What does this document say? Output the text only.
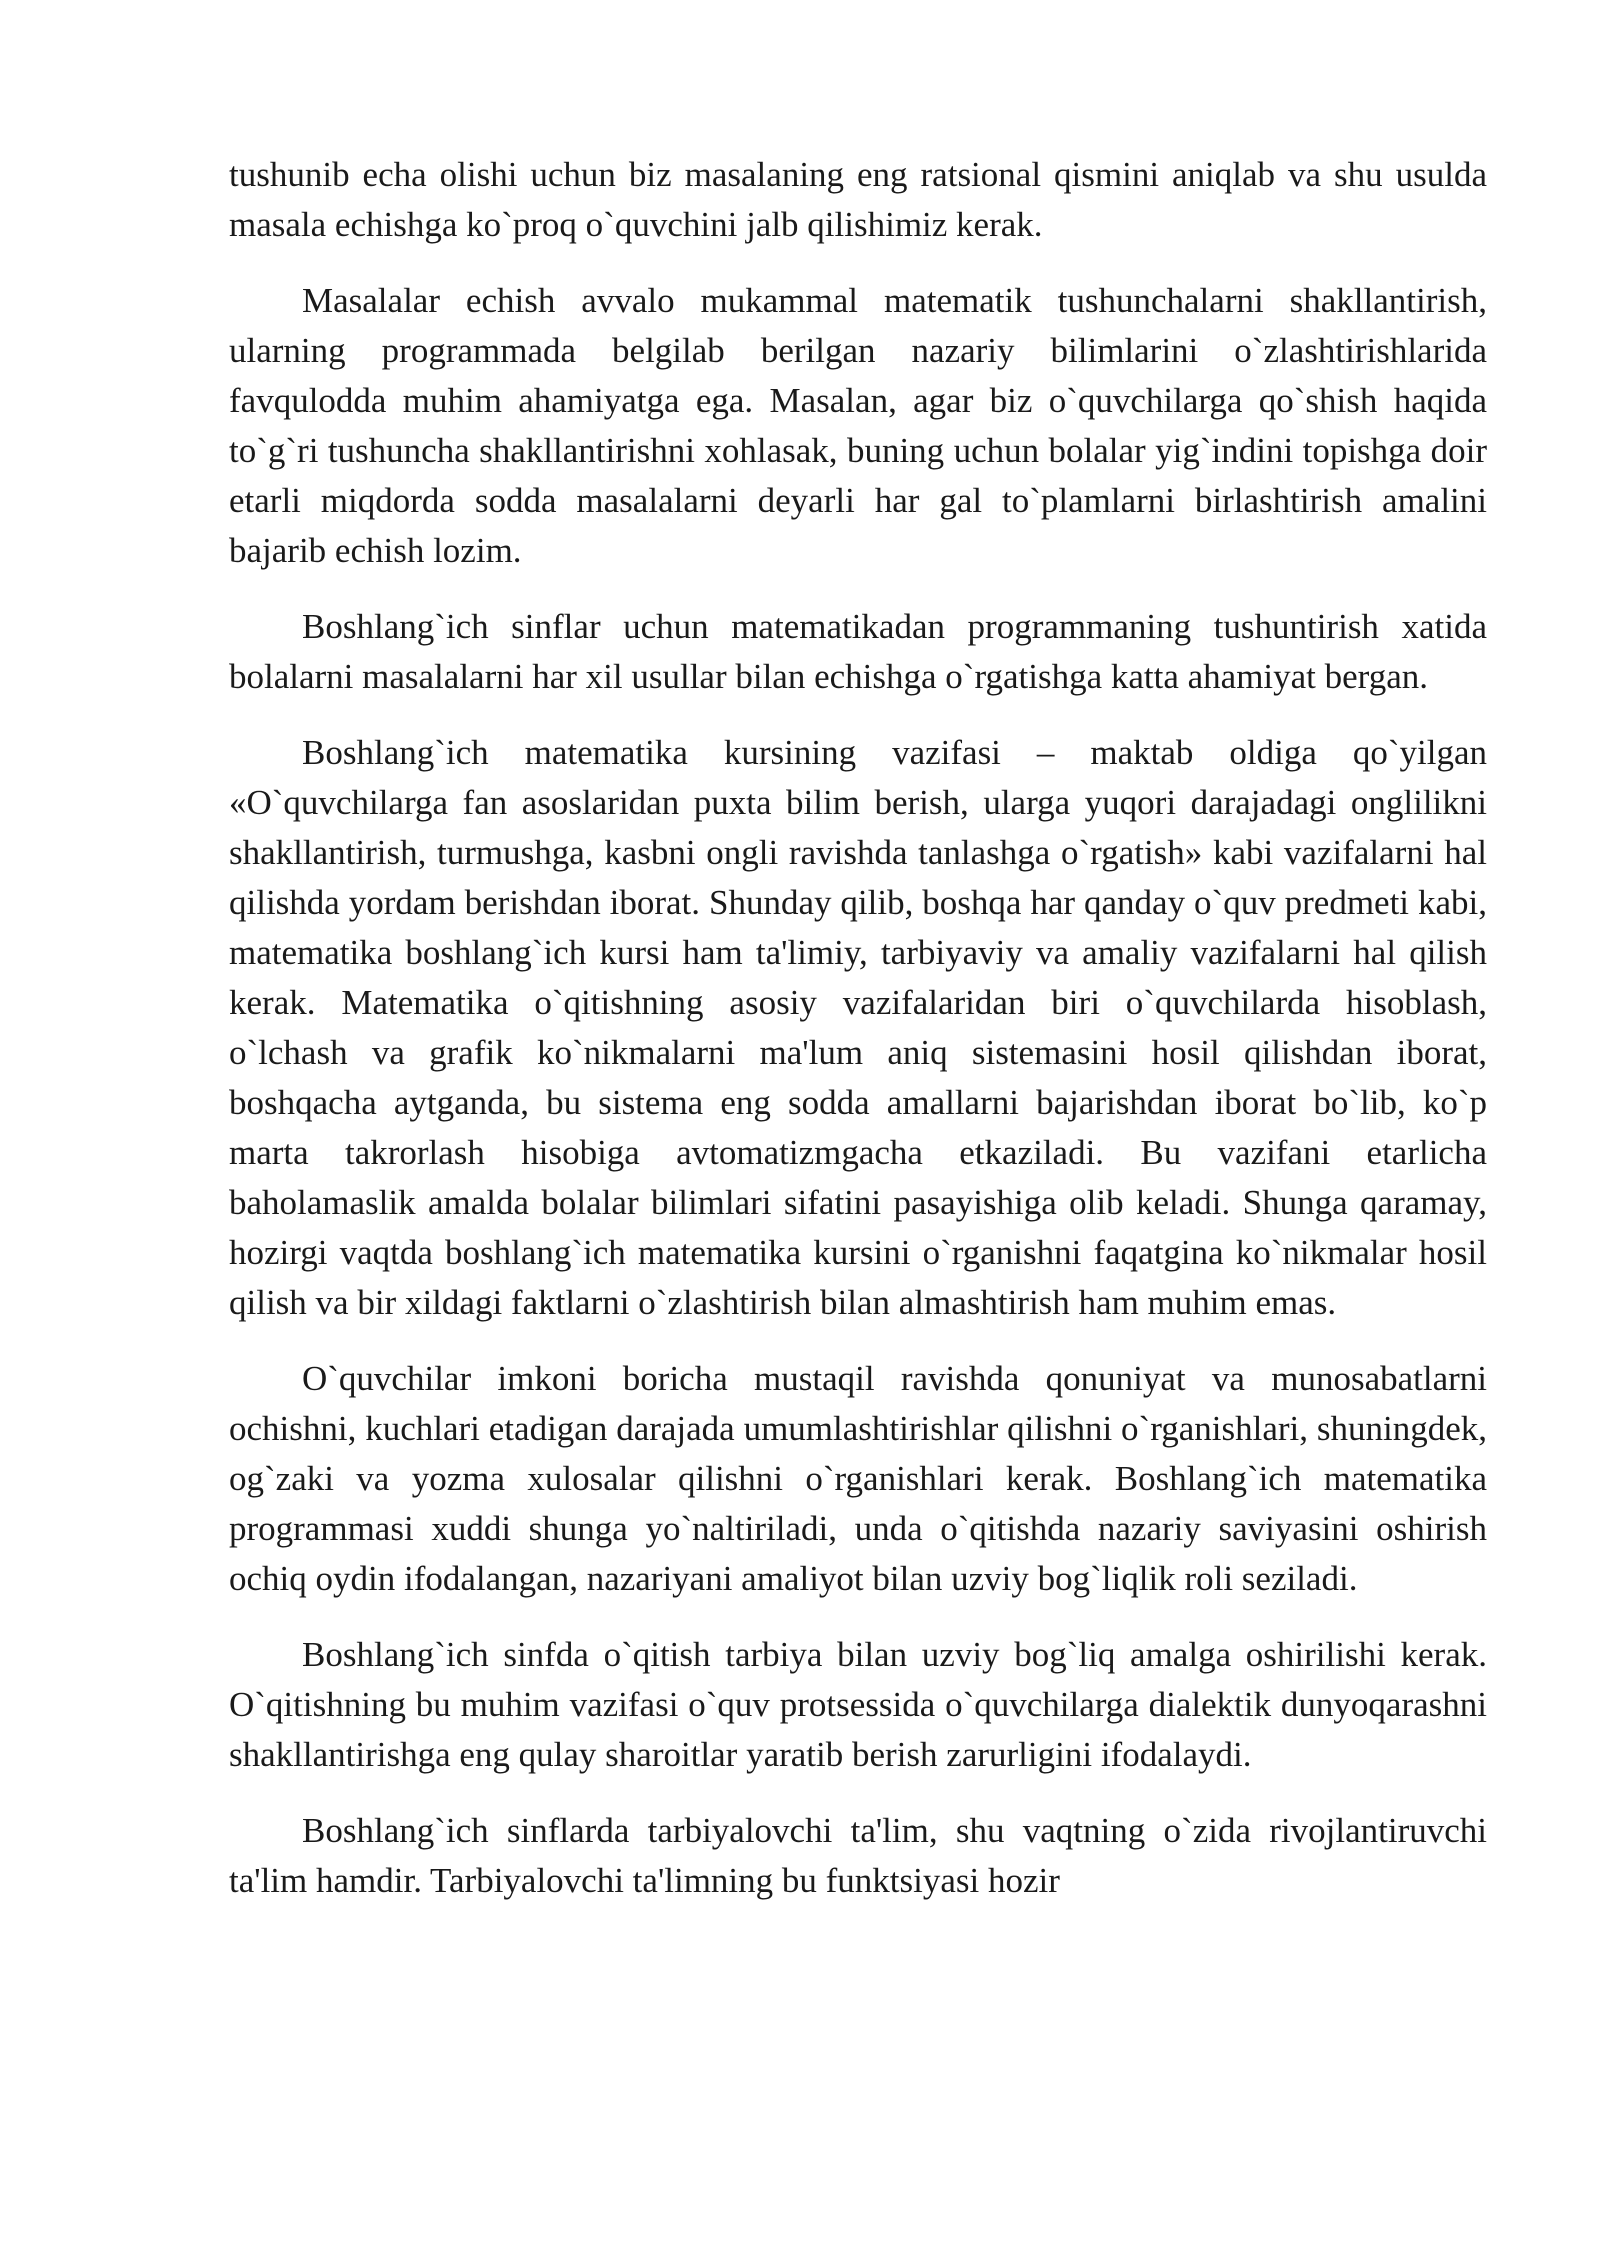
tushunib echa olishi uchun biz masalaning eng ratsional qismini aniqlab va shu usulda masala echishga ko`proq o`quvchini jalb qilishimiz kerak.

Masalalar echish avvalo mukammal matematik tushunchalarni shakllantirish, ularning programmada belgilab berilgan nazariy bilimlarini o`zlashtirishlarida favqulodda muhim ahamiyatga ega. Masalan, agar biz o`quvchilarga qo`shish haqida to`g`ri tushuncha shakllantirishni xohlasak, buning uchun bolalar yig`indini topishga doir etarli miqdorda sodda masalalarni deyarli har gal to`plamlarni birlashtirish amalini bajarib echish lozim.

Boshlang`ich sinflar uchun matematikadan programmaning tushuntirish xatida bolalarni masalalarni har xil usullar bilan echishga o`rgatishga katta ahamiyat bergan.

Boshlang`ich matematika kursining vazifasi – maktab oldiga qo`yilgan «O`quvchilarga fan asoslaridan puxta bilim berish, ularga yuqori darajadagi onglilikni shakllantirish, turmushga, kasbni ongli ravishda tanlashga o`rgatish» kabi vazifalarni hal qilishda yordam berishdan iborat. Shunday qilib, boshqa har qanday o`quv predmeti kabi, matematika boshlang`ich kursi ham ta'limiy, tarbiyaviy va amaliy vazifalarni hal qilish kerak. Matematika o`qitishning asosiy vazifalaridan biri o`quvchilarda hisoblash, o`lchash va grafik ko`nikmalarni ma'lum aniq sistemasini hosil qilishdan iborat, boshqacha aytganda, bu sistema eng sodda amallarni bajarishdan iborat bo`lib, ko`p marta takrorlash hisobiga avtomatizmgacha etkaziladi. Bu vazifani etarlicha baholamaslik amalda bolalar bilimlari sifatini pasayishiga olib keladi. Shunga qaramay, hozirgi vaqtda boshlang`ich matematika kursini o`rganishni faqatgina ko`nikmalar hosil qilish va bir xildagi faktlarni o`zlashtirish bilan almashtirish ham muhim emas.

O`quvchilar imkoni boricha mustaqil ravishda qonuniyat va munosabatlarni ochishni, kuchlari etadigan darajada umumlashtirishlar qilishni o`rganishlari, shuningdek, og`zaki va yozma xulosalar qilishni o`rganishlari kerak. Boshlang`ich matematika programmasi xuddi shunga yo`naltiriladi, unda o`qitishda nazariy saviyasini oshirish ochiq oydin ifodalangan, nazariyani amaliyot bilan uzviy bog`liqlik roli seziladi.

Boshlang`ich sinfda o`qitish tarbiya bilan uzviy bog`liq amalga oshirilishi kerak. O`qitishning bu muhim vazifasi o`quv protsessida o`quvchilarga dialektik dunyoqarashni shakllantirishga eng qulay sharoitlar yaratib berish zarurligini ifodalaydi.

Boshlang`ich sinflarda tarbiyalovchi ta'lim, shu vaqtning o`zida rivojlantiruvchi ta'lim hamdir. Tarbiyalovchi ta'limning bu funktsiyasi hozir
